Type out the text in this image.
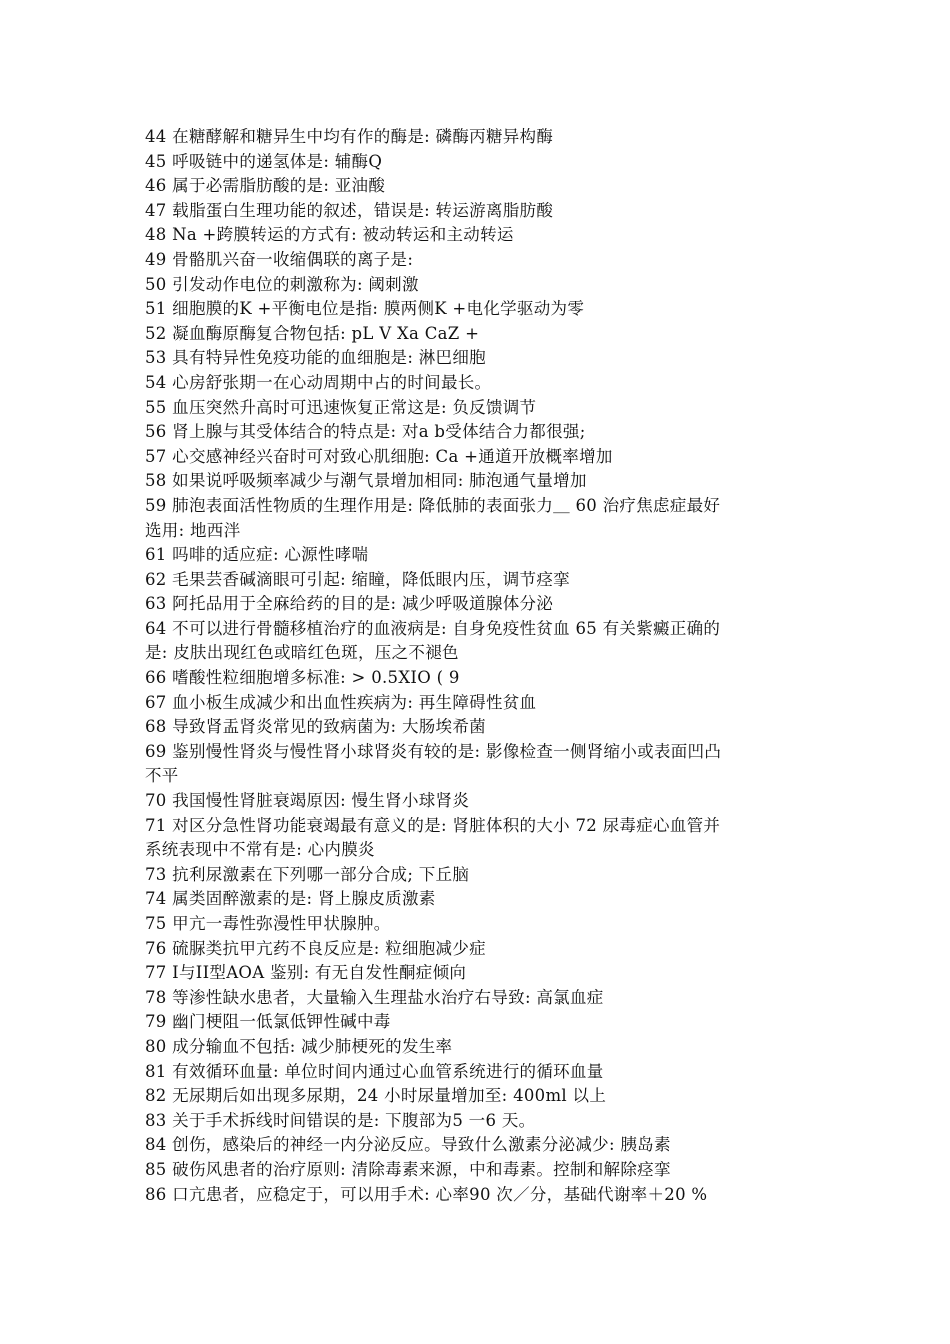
44 在糖酵解和糖异生中均有作的酶是: 磷酶丙糖异构酶
45 呼吸链中的递氢体是: 辅酶Q
46 属于必需脂肪酸的是: 亚油酸
47 载脂蛋白生理功能的叙述，错误是: 转运游离脂肪酸
48 Na +跨膜转运的方式有: 被动转运和主动转运
49 骨骼肌兴奋一收缩偶联的离子是:
50 引发动作电位的刺激称为: 阈刺激
51 细胞膜的K +平衡电位是指: 膜两侧K +电化学驱动为零
52 凝血酶原酶复合物包括: pL V Xa CaZ +
53 具有特异性免疫功能的血细胞是: 淋巴细胞
54 心房舒张期一在心动周期中占的时间最长。
55 血压突然升高时可迅速恢复正常这是: 负反馈调节
56 肾上腺与其受体结合的特点是: 对a b受体结合力都很强;
57 心交感神经兴奋时可对致心肌细胞: Ca +通道开放概率增加
58 如果说呼吸频率减少与潮气景增加相同: 肺泡通气量增加
59 肺泡表面活性物质的生理作用是: 降低肺的表面张力＿ 60 治疗焦虑症最好
选用: 地西泮
61 吗啡的适应症: 心源性哮喘
62 毛果芸香碱滴眼可引起: 缩瞳，降低眼内压，调节痉挛
63 阿托品用于全麻给药的目的是: 减少呼吸道腺体分泌
64 不可以进行骨髓移植治疗的血液病是: 自身免疫性贫血 65 有关紫癜正确的
是: 皮肤出现红色或暗红色斑，压之不褪色
66 嗜酸性粒细胞增多标准: > 0.5XIO ( 9
67 血小板生成减少和出血性疾病为: 再生障碍性贫血
68 导致肾盂肾炎常见的致病菌为: 大肠埃希菌
69 鉴别慢性肾炎与慢性肾小球肾炎有较的是: 影像检查一侧肾缩小或表面凹凸
不平
70 我国慢性肾脏衰竭原因: 慢生肾小球肾炎
71 对区分急性肾功能衰竭最有意义的是: 肾脏体积的大小 72 尿毒症心血管并
系统表现中不常有是: 心内膜炎
73 抗利尿激素在下列哪一部分合成; 下丘脑
74 属类固醉激素的是: 肾上腺皮质激素
75 甲亢一毒性弥漫性甲状腺肿。
76 硫脲类抗甲亢药不良反应是: 粒细胞减少症
77 I与II型AOA 鉴别: 有无自发性酮症倾向
78 等渗性缺水患者，大量输入生理盐水治疗右导致: 高氯血症
79 幽门梗阻一低氯低钾性碱中毒
80 成分输血不包括: 减少肺梗死的发生率
81 有效循环血量: 单位时间内通过心血管系统进行的循环血量
82 无尿期后如出现多尿期，24 小时尿量增加至: 400ml 以上
83 关于手术拆线时间错误的是: 下腹部为5 一6 天。
84 创伤，感染后的神经一内分泌反应。导致什么激素分泌减少: 胰岛素
85 破伤风患者的治疗原则: 清除毒素来源，中和毒素。控制和解除痉挛
86 口亢患者，应稳定于，可以用手术: 心率90 次／分，基础代谢率＋20 %
